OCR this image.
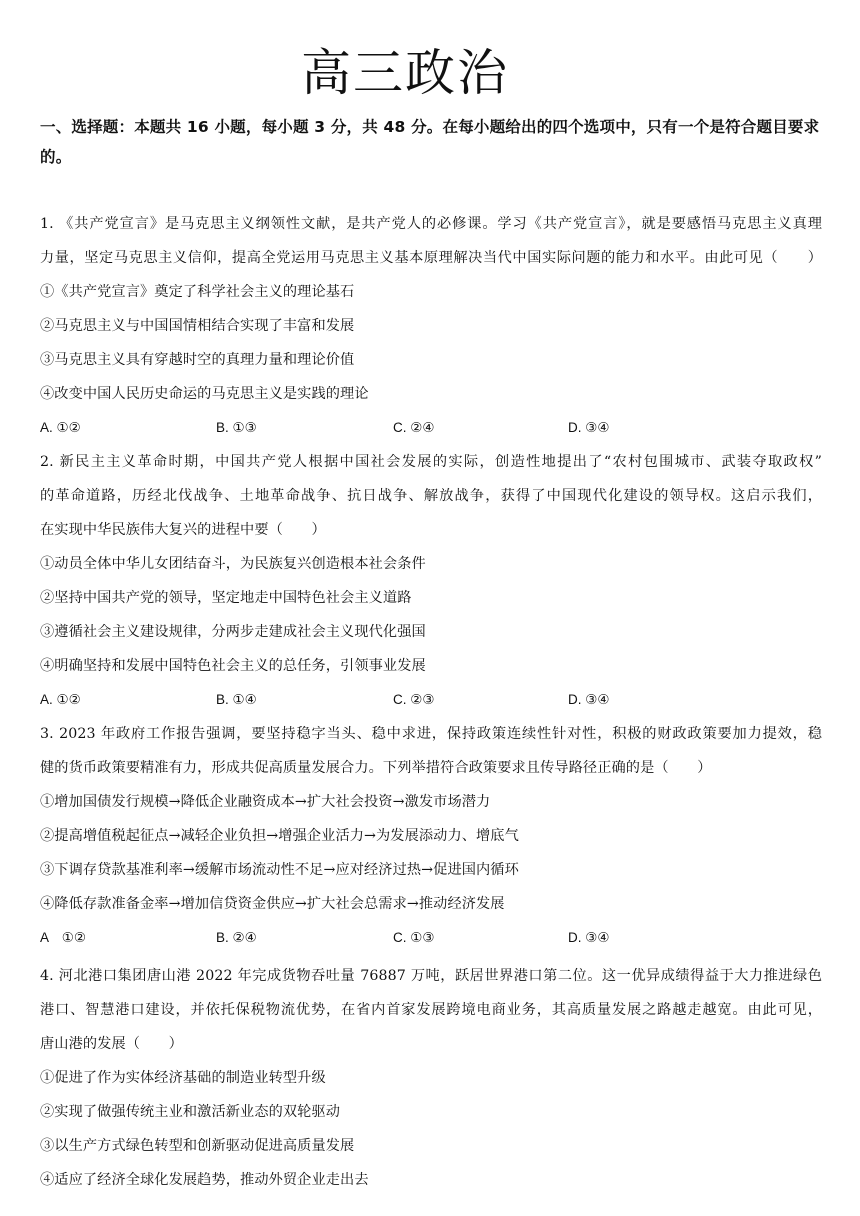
高三政治
一、选择题：本题共 16 小题，每小题 3 分，共 48 分。在每小题给出的四个选项中，只有一个是符合题目要求的。
1. 《共产党宣言》是马克思主义纲领性文献，是共产党人的必修课。学习《共产党宣言》，就是要感悟马克思主义真理
力量，坚定马克思主义信仰，提高全党运用马克思主义基本原理解决当代中国实际问题的能力和水平。由此可见（　　）
①《共产党宣言》奠定了科学社会主义的理论基石
②马克思主义与中国国情相结合实现了丰富和发展
③马克思主义具有穿越时空的真理力量和理论价值
④改变中国人民历史命运的马克思主义是实践的理论
A. ①②	B. ①③	C. ②④	D. ③④
2. 新民主主义革命时期，中国共产党人根据中国社会发展的实际，创造性地提出了“农村包围城市、武装夺取政权”
的革命道路，历经北伐战争、土地革命战争、抗日战争、解放战争，获得了中国现代化建设的领导权。这启示我们，
在实现中华民族伟大复兴的进程中要（　　）
①动员全体中华儿女团结奋斗，为民族复兴创造根本社会条件
②坚持中国共产党的领导，坚定地走中国特色社会主义道路
③遵循社会主义建设规律，分两步走建成社会主义现代化强国
④明确坚持和发展中国特色社会主义的总任务，引领事业发展
A. ①②	B. ①④	C. ②③	D. ③④
3. 2023 年政府工作报告强调，要坚持稳字当头、稳中求进，保持政策连续性针对性，积极的财政政策要加力提效，稳
健的货币政策要精准有力，形成共促高质量发展合力。下列举措符合政策要求且传导路径正确的是（　　）
①增加国债发行规模→降低企业融资成本→扩大社会投资→激发市场潜力
②提高增值税起征点→减轻企业负担→增强企业活力→为发展添动力、增底气
③下调存贷款基准利率→缓解市场流动性不足→应对经济过热→促进国内循环
④降低存款准备金率→增加信贷资金供应→扩大社会总需求→推动经济发展
A　①②	B. ②④	C. ①③	D. ③④
4. 河北港口集团唐山港 2022 年完成货物吞吐量 76887 万吨，跃居世界港口第二位。这一优异成绩得益于大力推进绿色
港口、智慧港口建设，并依托保税物流优势，在省内首家发展跨境电商业务，其高质量发展之路越走越宽。由此可见，
唐山港的发展（　　）
①促进了作为实体经济基础的制造业转型升级
②实现了做强传统主业和激活新业态的双轮驱动
③以生产方式绿色转型和创新驱动促进高质量发展
④适应了经济全球化发展趋势，推动外贸企业走出去
